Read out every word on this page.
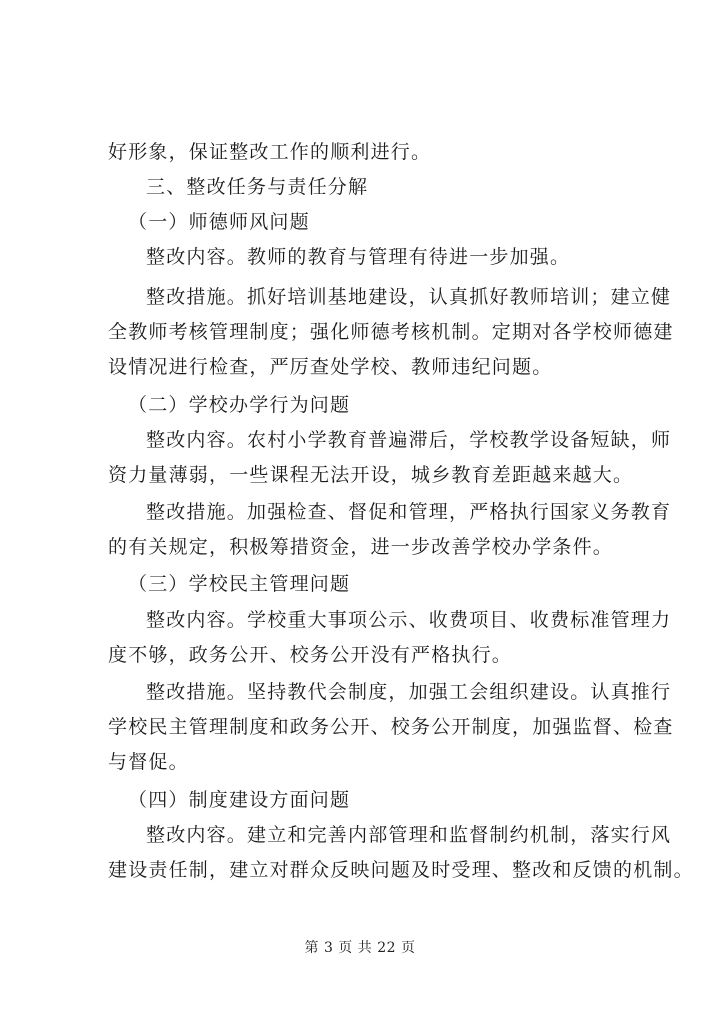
好形象，保证整改工作的顺利进行。
三、整改任务与责任分解
（一）师德师风问题
整改内容。教师的教育与管理有待进一步加强。
整改措施。抓好培训基地建设，认真抓好教师培训；建立健
全教师考核管理制度；强化师德考核机制。定期对各学校师德建
设情况进行检查，严厉查处学校、教师违纪问题。
（二）学校办学行为问题
整改内容。农村小学教育普遍滞后，学校教学设备短缺，师
资力量薄弱，一些课程无法开设，城乡教育差距越来越大。
整改措施。加强检查、督促和管理，严格执行国家义务教育
的有关规定，积极筹措资金，进一步改善学校办学条件。
（三）学校民主管理问题
整改内容。学校重大事项公示、收费项目、收费标准管理力
度不够，政务公开、校务公开没有严格执行。
整改措施。坚持教代会制度，加强工会组织建设。认真推行
学校民主管理制度和政务公开、校务公开制度，加强监督、检查
与督促。
（四）制度建设方面问题
整改内容。建立和完善内部管理和监督制约机制，落实行风
建设责任制，建立对群众反映问题及时受理、整改和反馈的机制。
第 3 页 共 22 页
